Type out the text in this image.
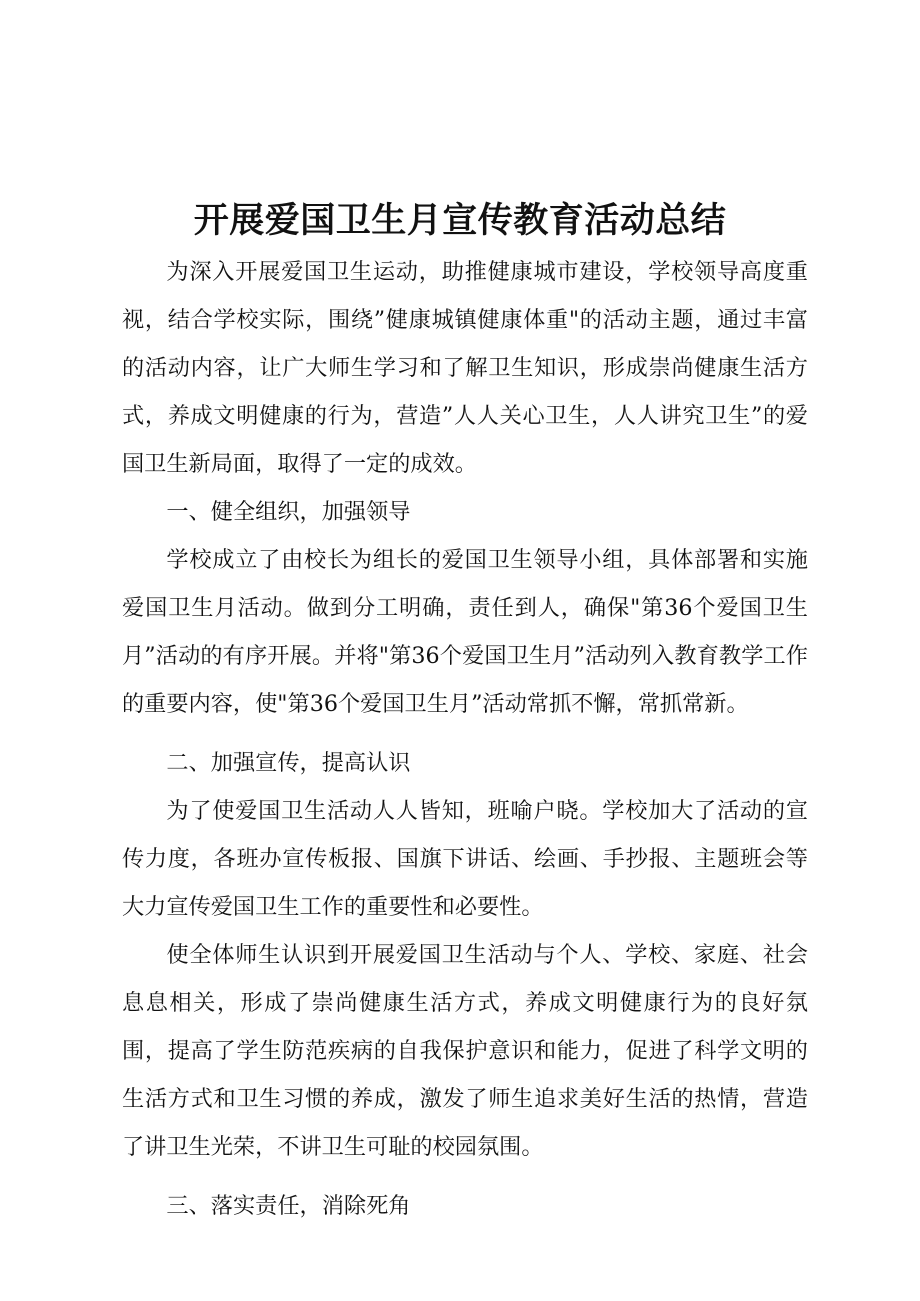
开展爱国卫生月宣传教育活动总结

为深入开展爱国卫生运动，助推健康城市建设，学校领导高度重视，结合学校实际，围绕”健康城镇健康体重"的活动主题，通过丰富的活动内容，让广大师生学习和了解卫生知识，形成崇尚健康生活方式，养成文明健康的行为，营造”人人关心卫生，人人讲究卫生”的爱国卫生新局面，取得了一定的成效。

一、健全组织，加强领导

学校成立了由校长为组长的爱国卫生领导小组，具体部署和实施爱国卫生月活动。做到分工明确，责任到人，确保"第36个爱国卫生月”活动的有序开展。并将"第36个爱国卫生月”活动列入教育教学工作的重要内容，使"第36个爱国卫生月”活动常抓不懈，常抓常新。

二、加强宣传，提高认识

为了使爱国卫生活动人人皆知，班喻户晓。学校加大了活动的宣传力度，各班办宣传板报、国旗下讲话、绘画、手抄报、主题班会等大力宣传爱国卫生工作的重要性和必要性。

使全体师生认识到开展爱国卫生活动与个人、学校、家庭、社会息息相关，形成了崇尚健康生活方式，养成文明健康行为的良好氛围，提高了学生防范疾病的自我保护意识和能力，促进了科学文明的生活方式和卫生习惯的养成，激发了师生追求美好生活的热情，营造了讲卫生光荣，不讲卫生可耻的校园氛围。

三、落实责任，消除死角
